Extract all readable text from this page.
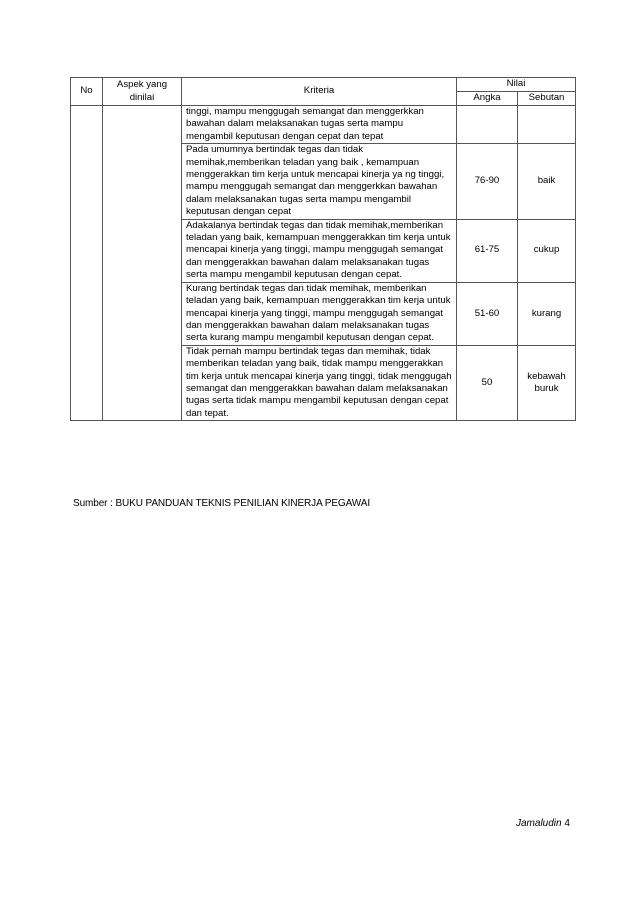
No	Aspek yang dinilai	Kriteria	Nilai	
			Angka	Sebutan
		tinggi, mampu menggugah semangat dan menggerkkan bawahan dalam melaksanakan tugas serta mampu mengambil keputusan dengan cepat dan tepat		
		Pada umumnya bertindak tegas dan tidak memihak,memberikan teladan yang baik , kemampuan menggerakkan tim kerja untuk mencapai kinerja ya ng tinggi, mampu menggugah semangat dan menggerkkan bawahan dalam melaksanakan tugas serta mampu mengambil keputusan dengan cepat	76-90	baik
		Adakalanya bertindak tegas dan tidak memihak,memberikan teladan yang baik, kemampuan menggerakkan tim kerja untuk mencapai kinerja yang tinggi, mampu menggugah semangat dan menggerakkan bawahan dalam melaksanakan tugas serta mampu mengambil keputusan dengan cepat.	61-75	cukup
		Kurang bertindak tegas dan tidak memihak, memberikan teladan yang baik, kemampuan menggerakkan tim kerja untuk mencapai kinerja yang tinggi, mampu menggugah semangat dan menggerakkan bawahan dalam melaksanakan tugas serta kurang mampu mengambil keputusan dengan cepat.	51-60	kurang
		Tidak pernah mampu bertindak tegas dan memihak, tidak memberikan teladan yang baik, tidak mampu menggerakkan tim kerja untuk mencapai kinerja yang tinggi, tidak menggugah semangat dan menggerakkan bawahan dalam melaksanakan tugas serta tidak mampu mengambil keputusan dengan cepat dan tepat.	50	kebawah buruk
Sumber : BUKU PANDUAN TEKNIS PENILIAN KINERJA PEGAWAI
Jamaludin 4
